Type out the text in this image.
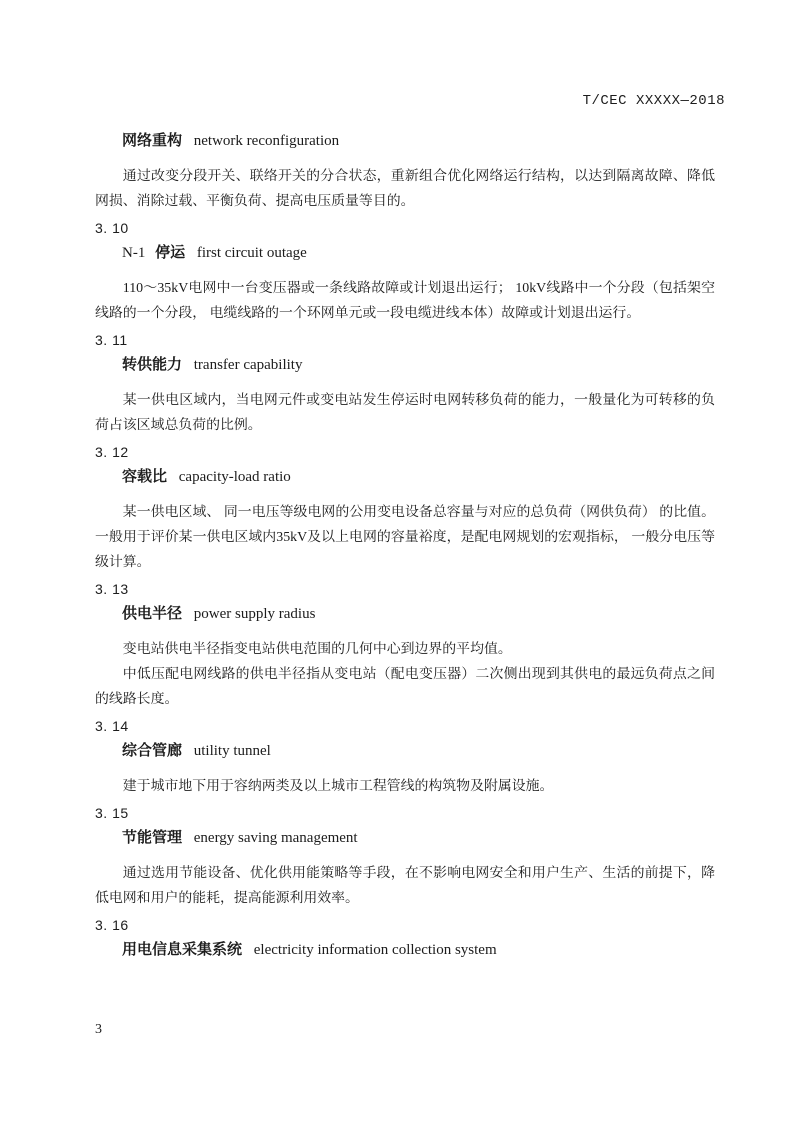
T/CEC XXXXX—2018
网络重构 network reconfiguration

通过改变分段开关、联络开关的分合状态，重新组合优化网络运行结构，以达到隔离故障、降低网损、消除过载、平衡负荷、提高电压质量等目的。

3. 10
N-1 停运 first circuit outage

110～35kV电网中一台变压器或一条线路故障或计划退出运行； 10kV线路中一个分段（包括架空线路的一个分段， 电缆线路的一个环网单元或一段电缆进线本体）故障或计划退出运行。

3. 11
转供能力 transfer capability

某一供电区域内，当电网元件或变电站发生停运时电网转移负荷的能力，一般量化为可转移的负荷占该区域总负荷的比例。

3. 12
容载比 capacity-load ratio

某一供电区域、 同一电压等级电网的公用变电设备总容量与对应的总负荷（网供负荷） 的比值。一般用于评价某一供电区域内35kV及以上电网的容量裕度，是配电网规划的宏观指标， 一般分电压等级计算。

3. 13
供电半径 power supply radius

变电站供电半径指变电站供电范围的几何中心到边界的平均值。

中低压配电网线路的供电半径指从变电站（配电变压器）二次侧出现到其供电的最远负荷点之间的线路长度。

3. 14
综合管廊 utility tunnel

建于城市地下用于容纳两类及以上城市工程管线的构筑物及附属设施。

3. 15
节能管理 energy saving management

通过选用节能设备、优化供用能策略等手段，在不影响电网安全和用户生产、生活的前提下，降低电网和用户的能耗，提高能源利用效率。

3. 16
用电信息采集系统 electricity information collection system
3
